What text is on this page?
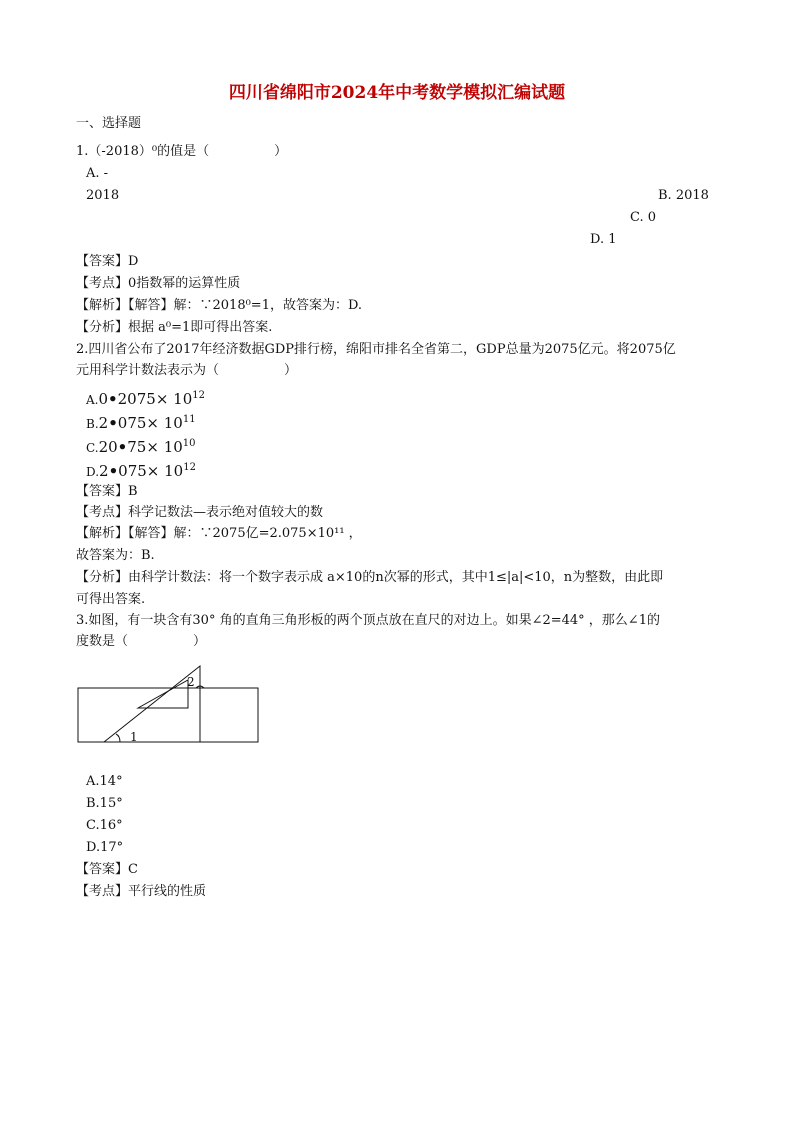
四川省绵阳市2024年中考数学模拟汇编试题
一、选择题
1.（-2018）⁰的值是（　　　　　）
A. -
2018	B. 2018
C. 0
D. 1
【答案】D
【考点】0指数幂的运算性质
【解析】【解答】解：∵2018⁰=1，故答案为：D.
【分析】根据 a⁰=1即可得出答案.
2.四川省公布了2017年经济数据GDP排行榜，绵阳市排名全省第二，GDP总量为2075亿元。将2075亿
元用科学计数法表示为（　　　　　）
A.0•2075× $10^{12}$
B.2•075× $10^{11}$
C.20•75× $10^{10}$
D.2•075× $10^{12}$
【答案】B
【考点】科学记数法—表示绝对值较大的数
【解析】【解答】解：∵2075亿=2.075×10¹¹ ，
故答案为：B.
【分析】由科学计数法：将一个数字表示成 a×10的n次幂的形式，其中1≤|a|<10，n为整数，由此即
可得出答案.
3.如图，有一块含有30° 角的直角三角形板的两个顶点放在直尺的对边上。如果∠2=44° ，那么∠1的
度数是（　　　　　）
2
1
A.14°
B.15°
C.16°
D.17°
【答案】C
【考点】平行线的性质
